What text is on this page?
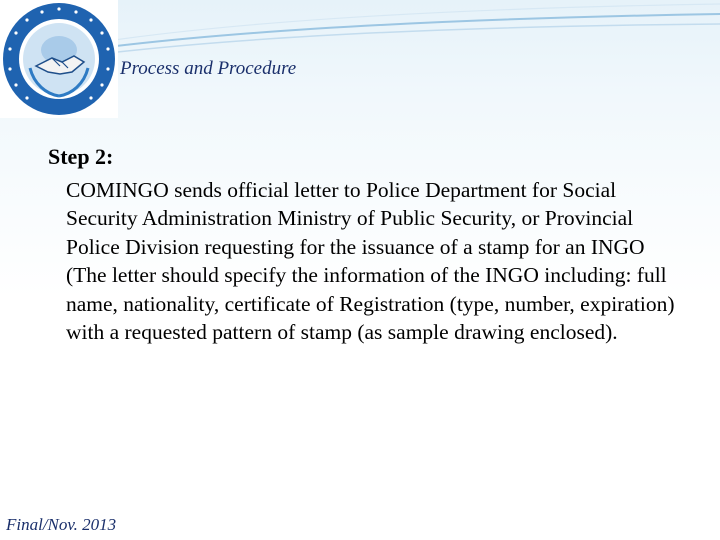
Process and Procedure
Step 2:

COMINGO sends official letter to Police Department for Social Security Administration Ministry of Public Security, or Provincial Police Division requesting for the issuance of a stamp for an INGO (The letter should specify the information of the INGO including: full name, nationality, certificate of Registration (type, number, expiration) with a requested pattern of stamp (as sample drawing enclosed).

Final/Nov. 2013
